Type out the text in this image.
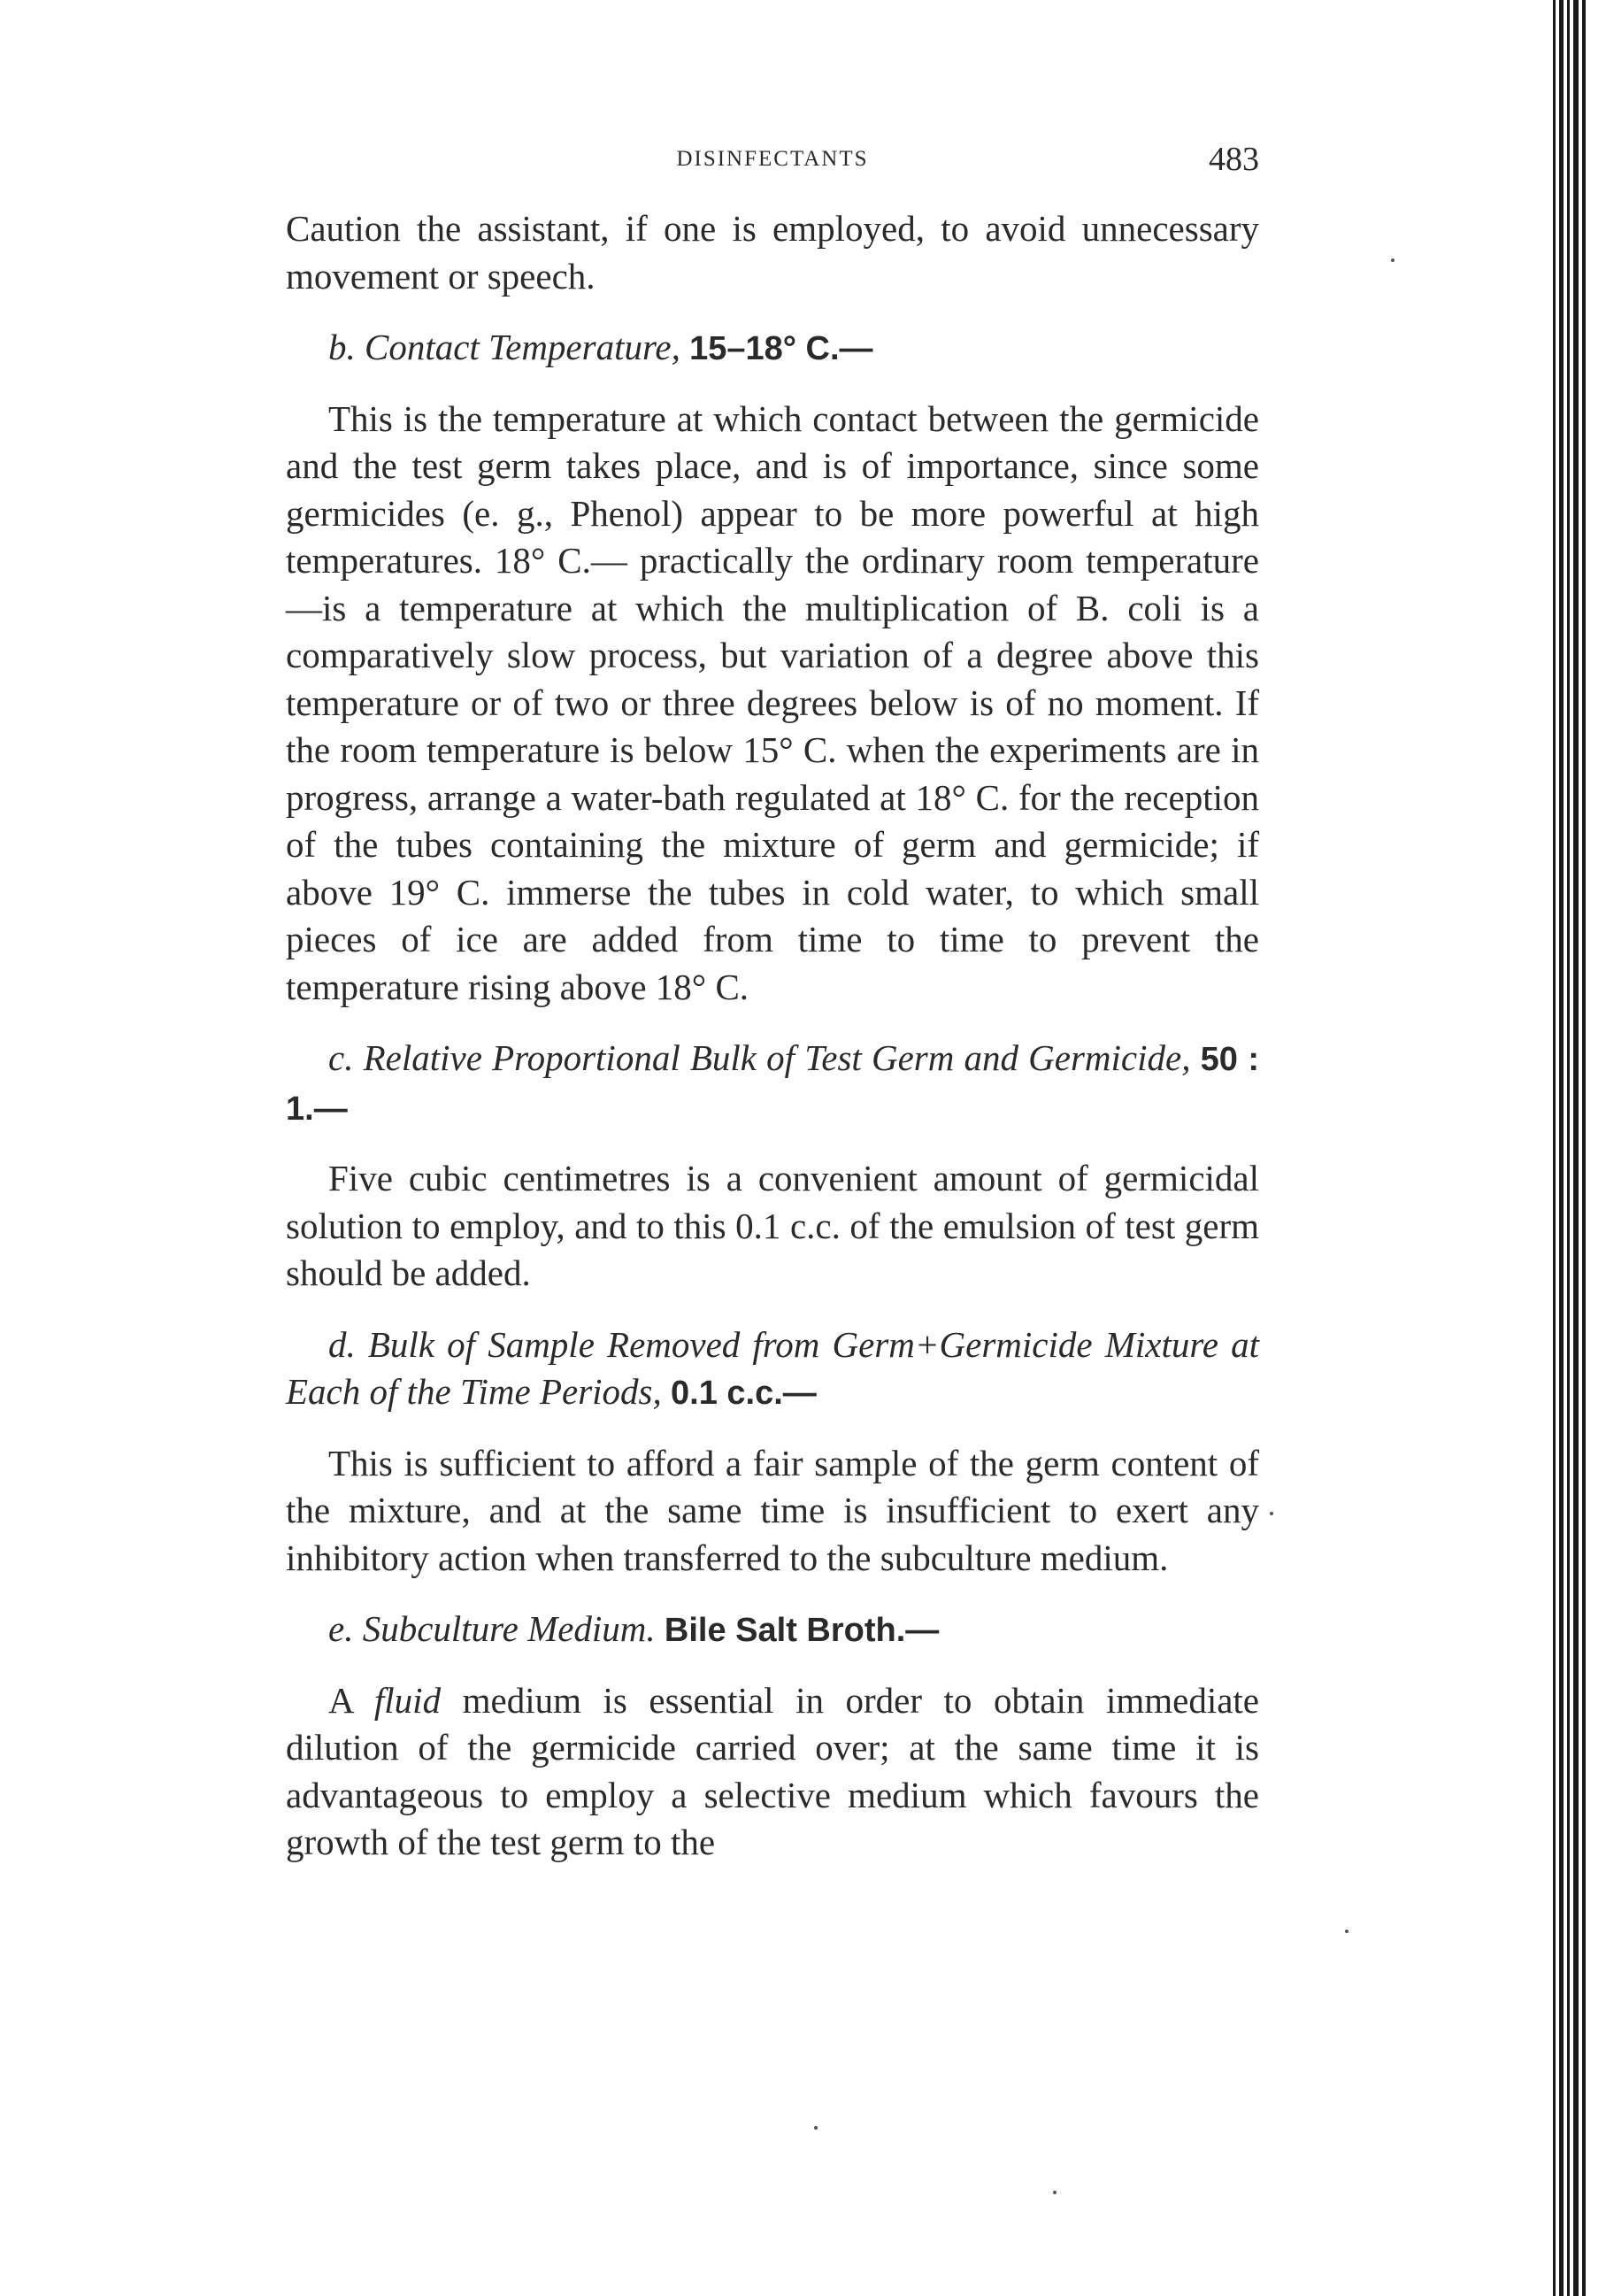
DISINFECTANTS	483

Caution the assistant, if one is employed, to avoid unnecessary movement or speech.

b. Contact Temperature, 15–18° C.—

This is the temperature at which contact between the germicide and the test germ takes place, and is of importance, since some germicides (e. g., Phenol) appear to be more powerful at high temperatures. 18° C.— practically the ordinary room temperature—is a temperature at which the multiplication of B. coli is a comparatively slow process, but variation of a degree above this temperature or of two or three degrees below is of no moment. If the room temperature is below 15° C. when the experiments are in progress, arrange a water-bath regulated at 18° C. for the reception of the tubes containing the mixture of germ and germicide; if above 19° C. immerse the tubes in cold water, to which small pieces of ice are added from time to time to prevent the temperature rising above 18° C.

c. Relative Proportional Bulk of Test Germ and Germicide, 50 : 1.—

Five cubic centimetres is a convenient amount of germicidal solution to employ, and to this 0.1 c.c. of the emulsion of test germ should be added.

d. Bulk of Sample Removed from Germ+Germicide Mixture at Each of the Time Periods, 0.1 c.c.—

This is sufficient to afford a fair sample of the germ content of the mixture, and at the same time is insufficient to exert any inhibitory action when transferred to the subculture medium.

e. Subculture Medium. Bile Salt Broth.—

A fluid medium is essential in order to obtain immediate dilution of the germicide carried over; at the same time it is advantageous to employ a selective medium which favours the growth of the test germ to the
